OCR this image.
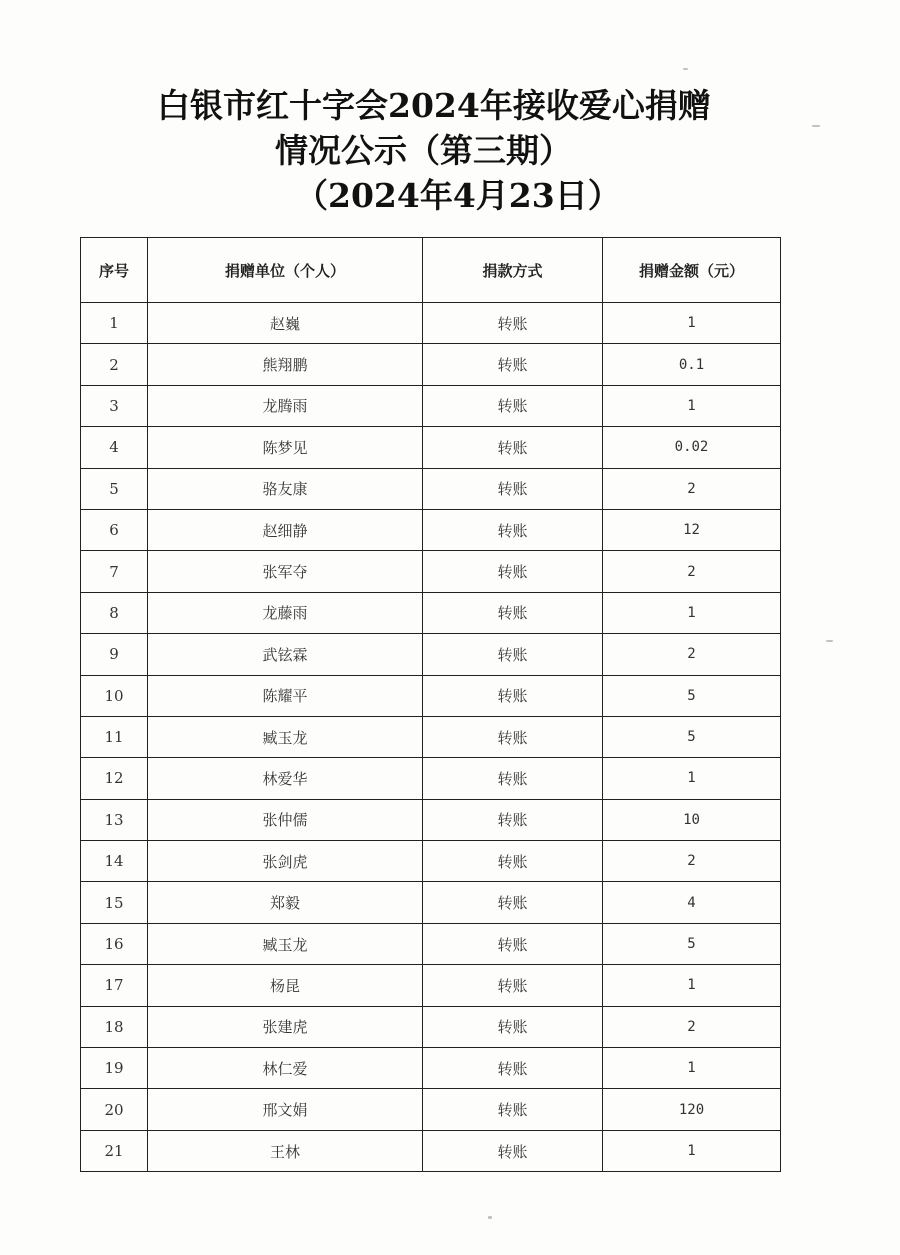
白银市红十字会2024年接收爱心捐赠
情况公示（第三期）
（2024年4月23日）
序号	捐赠单位（个人）	捐款方式	捐赠金额（元）
1	赵巍	转账	1
2	熊翔鹏	转账	0.1
3	龙腾雨	转账	1
4	陈梦见	转账	0.02
5	骆友康	转账	2
6	赵细静	转账	12
7	张军夺	转账	2
8	龙藤雨	转账	1
9	武铉霖	转账	2
10	陈耀平	转账	5
11	臧玉龙	转账	5
12	林爱华	转账	1
13	张仲儒	转账	10
14	张剑虎	转账	2
15	郑毅	转账	4
16	臧玉龙	转账	5
17	杨昆	转账	1
18	张建虎	转账	2
19	林仁爱	转账	1
20	邢文娟	转账	120
21	王林	转账	1
